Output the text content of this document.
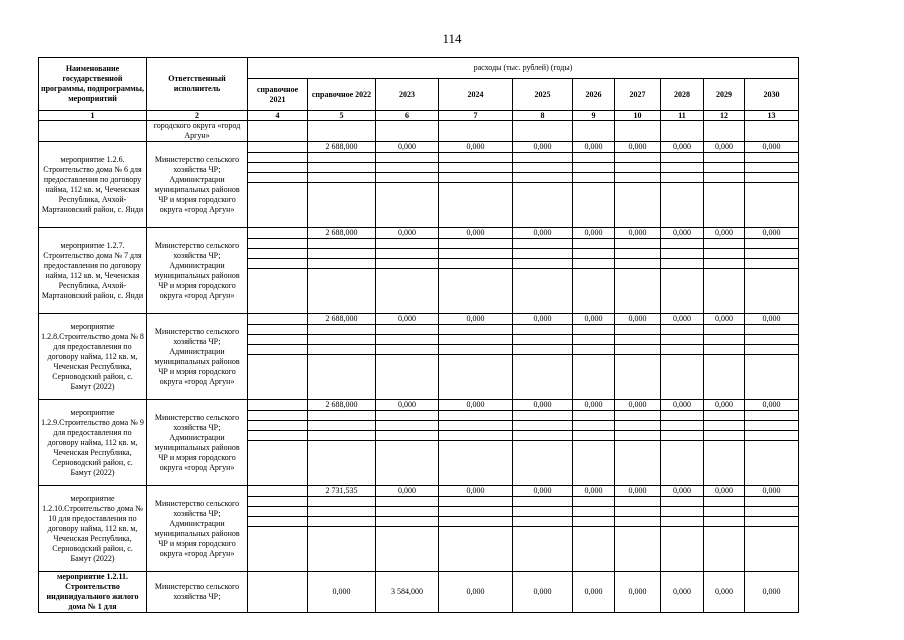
114
Наименование государственной программы, подпрограммы, мероприятий	Ответственный исполнитель	расходы (тыс. рублей) (годы)									
		справочное 2021	справочное 2022	2023	2024	2025	2026	2027	2028	2029	2030
1	2	4	5	6	7	8	9	10	11	12	13
	городского округа «город Аргун»										
мероприятие 1.2.6. Строительство дома № 6 для предоставления по договору найма, 112 кв. м, Чеченская Республика, Ачхой- Мартановский район, с. Янди	Министерство сельского хозяйства ЧР; Администрации муниципальных районов ЧР и мэрия городского округа «город Аргун»		2 688,000	0,000	0,000	0,000	0,000	0,000	0,000	0,000	0,000

мероприятие 1.2.7. Строительство дома № 7 для предоставления по договору найма, 112 кв. м, Чеченская Республика, Ачхой- Мартановский район, с. Янди	Министерство сельского хозяйства ЧР; Администрации муниципальных районов ЧР и мэрия городского округа «город Аргун»		2 688,000	0,000	0,000	0,000	0,000	0,000	0,000	0,000	0,000

мероприятие 1.2.8.Строительство дома № 8 для предоставления по договору найма, 112 кв. м, Чеченская Республика, Серноводский район, с. Бамут (2022)	Министерство сельского хозяйства ЧР; Администрации муниципальных районов ЧР и мэрия городского округа «город Аргун»		2 688,000	0,000	0,000	0,000	0,000	0,000	0,000	0,000	0,000

мероприятие 1.2.9.Строительство дома № 9 для предоставления по договору найма, 112 кв. м, Чеченская Республика, Серноводский район, с. Бамут (2022)	Министерство сельского хозяйства ЧР; Администрации муниципальных районов ЧР и мэрия городского округа «город Аргун»		2 688,000	0,000	0,000	0,000	0,000	0,000	0,000	0,000	0,000

мероприятие 1.2.10.Строительство дома № 10 для предоставления по договору найма, 112 кв. м, Чеченская Республика, Серноводский район, с. Бамут (2022)	Министерство сельского хозяйства ЧР; Администрации муниципальных районов ЧР и мэрия городского округа «город Аргун»		2 731,535	0,000	0,000	0,000	0,000	0,000	0,000	0,000	0,000

мероприятие 1.2.11. Строительство индивидуального жилого дома № 1 для	Министерство сельского хозяйства ЧР;		0,000	3 584,000	0,000	0,000	0,000	0,000	0,000	0,000	0,000
